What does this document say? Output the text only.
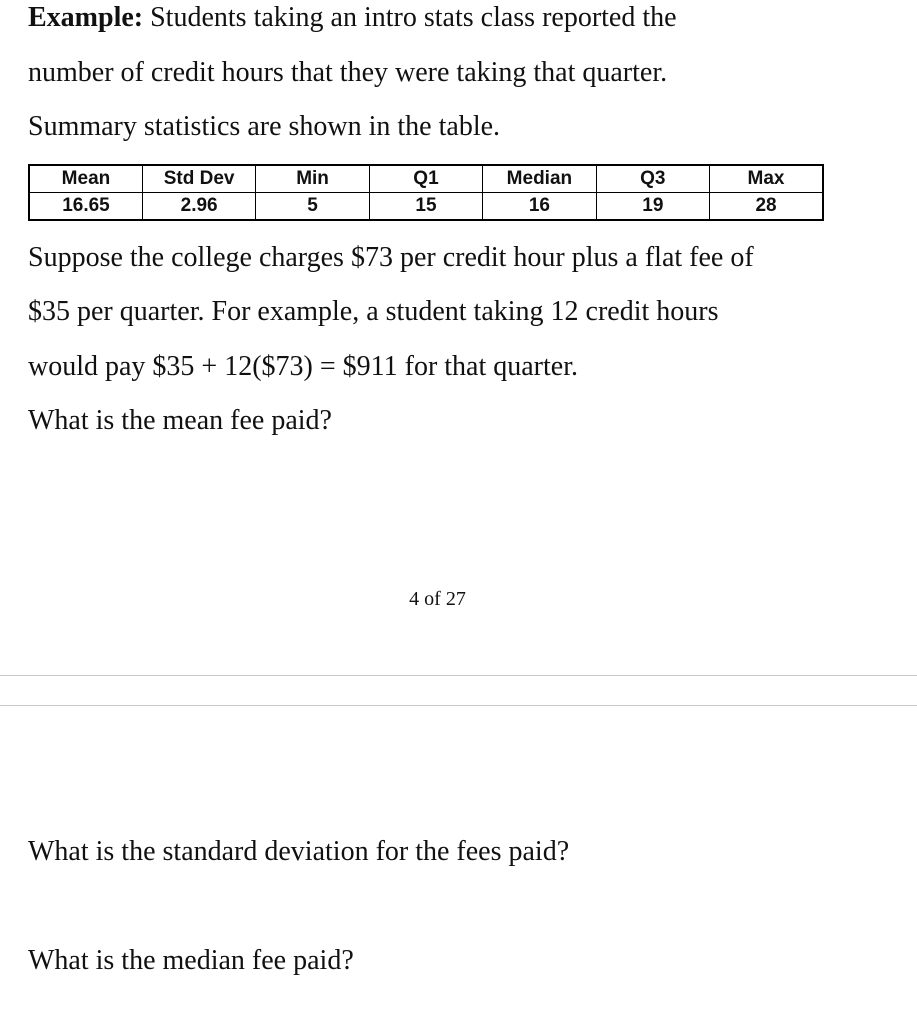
Example: Students taking an intro stats class reported the

number of credit hours that they were taking that quarter.

Summary statistics are shown in the table.

Mean	Std Dev	Min	Q1	Median	Q3	Max
16.65	2.96	5	15	16	19	28

Suppose the college charges $73 per credit hour plus a flat fee of

$35 per quarter. For example, a student taking 12 credit hours

would pay $35 + 12($73) = $911 for that quarter.

What is the mean fee paid?

4 of 27

What is the standard deviation for the fees paid?

What is the median fee paid?
